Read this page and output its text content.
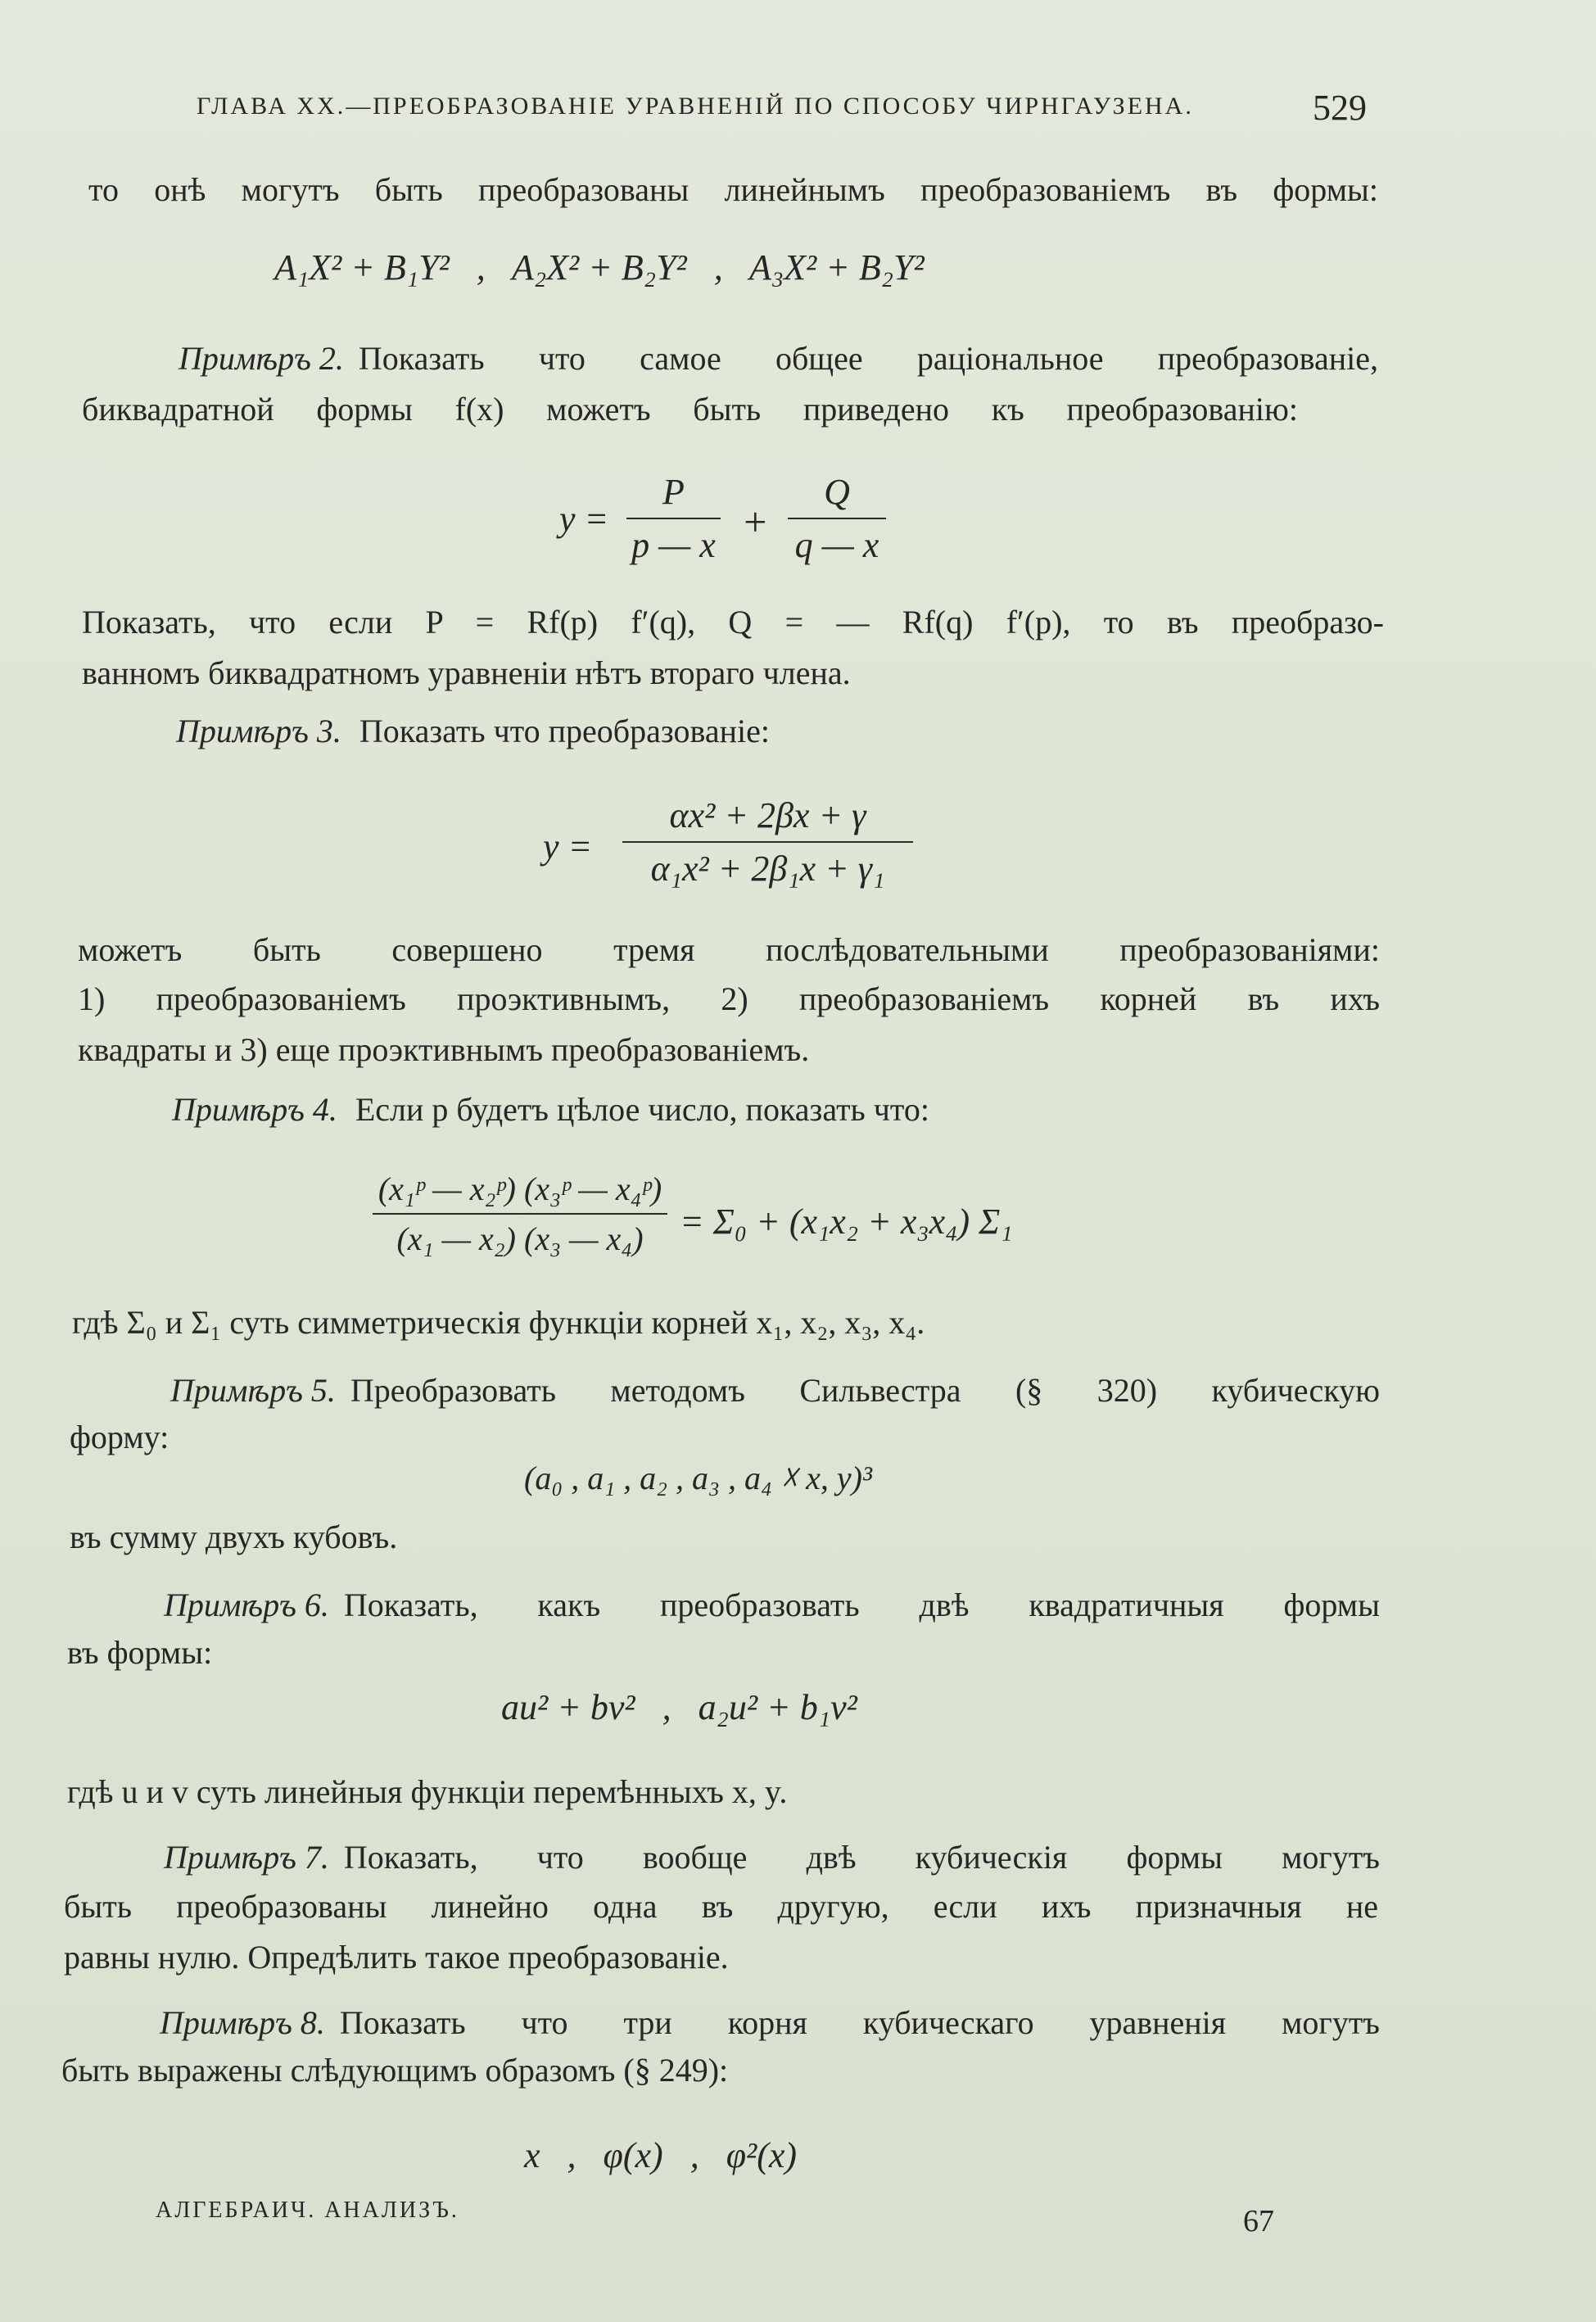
ГЛАВА XX.—ПРЕОБРАЗОВАНІЕ УРАВНЕНІЙ ПО СПОСОБУ ЧИРНГАУЗЕНА.	529
то онѣ могутъ быть преобразованы линейнымъ преобразованіемъ въ формы:
A₁X² + B₁Y²   ,   A₂X² + B₂Y²   ,   A₃X² + B₂Y²
Примѣръ 2. Показать что самое общее раціональное преобразованіе,
биквадратной формы f(x) можетъ быть приведено къ преобразованію:
y =
P
p — x
+
Q
q — x
Показать, что если P = Rf(p) f′(q), Q = — Rf(q) f′(p), то въ преобразо-
ванномъ биквадратномъ уравненіи нѣтъ втораго члена.
Примѣръ 3. Показать что преобразованіе:
y =
αx² + 2βx + γ
α₁x² + 2β₁x + γ₁
можетъ быть совершено тремя послѣдовательными преобразованіями:
1) преобразованіемъ проэктивнымъ, 2) преобразованіемъ корней въ ихъ
квадраты и 3) еще проэктивнымъ преобразованіемъ.
Примѣръ 4. Если p будетъ цѣлое число, показать что:
(x₁ᵖ — x₂ᵖ) (x₃ᵖ — x₄ᵖ)
(x₁ — x₂) (x₃ — x₄)	= Σ₀ + (x₁x₂ + x₃x₄) Σ₁
гдѣ Σ₀ и Σ₁ суть симметрическія функціи корней x₁, x₂, x₃, x₄.
Примѣръ 5. Преобразовать методомъ Сильвестра (§ 320) кубическую
форму:
(a₀ , a₁ , a₂ , a₃ , a₄ ☓ x, y)³
въ сумму двухъ кубовъ.
Примѣръ 6. Показать, какъ преобразовать двѣ квадратичныя формы
въ формы:
au² + bv²   ,   a₂u² + b₁v²
гдѣ u и v суть линейныя функціи перемѣнныхъ x, y.
Примѣръ 7. Показать, что вообще двѣ кубическія формы могутъ
быть преобразованы линейно одна въ другую, если ихъ призначныя не
равны нулю. Опредѣлить такое преобразованіе.
Примѣръ 8. Показать что три корня кубическаго уравненія могутъ
быть выражены слѣдующимъ образомъ (§ 249):
x   ,   φ(x)   ,   φ²(x)
АЛГЕБРАИЧ. АНАЛИЗЪ.	67
